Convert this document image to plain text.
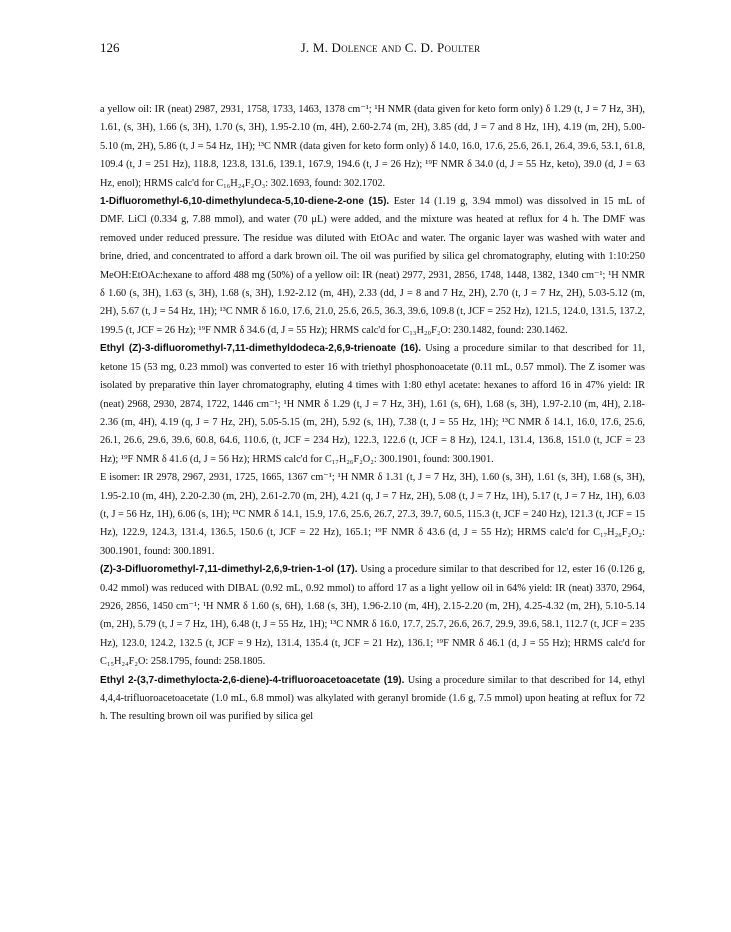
126	J. M. Dolence and C. D. Poulter

a yellow oil: IR (neat) 2987, 2931, 1758, 1733, 1463, 1378 cm⁻¹; ¹H NMR (data given for keto form only) δ 1.29 (t, J = 7 Hz, 3H), 1.61, (s, 3H), 1.66 (s, 3H), 1.70 (s, 3H), 1.95-2.10 (m, 4H), 2.60-2.74 (m, 2H), 3.85 (dd, J = 7 and 8 Hz, 1H), 4.19 (m, 2H), 5.00-5.10 (m, 2H), 5.86 (t, J = 54 Hz, 1H); ¹³C NMR (data given for keto form only) δ 14.0, 16.0, 17.6, 25.6, 26.1, 26.4, 39.6, 53.1, 61.8, 109.4 (t, J = 251 Hz), 118.8, 123.8, 131.6, 139.1, 167.9, 194.6 (t, J = 26 Hz); ¹⁹F NMR δ 34.0 (d, J = 55 Hz, keto), 39.0 (d, J = 63 Hz, enol); HRMS calc'd for C₁₆H₂₄F₂O₃: 302.1693, found: 302.1702.

1-Difluoromethyl-6,10-dimethylundeca-5,10-diene-2-one (15). Ester 14 (1.19 g, 3.94 mmol) was dissolved in 15 mL of DMF. LiCl (0.334 g, 7.88 mmol), and water (70 μL) were added, and the mixture was heated at reflux for 4 h. The DMF was removed under reduced pressure. The residue was diluted with EtOAc and water. The organic layer was washed with water and brine, dried, and concentrated to afford a dark brown oil. The oil was purified by silica gel chromatography, eluting with 1:10:250 MeOH:EtOAc:hexane to afford 488 mg (50%) of a yellow oil: IR (neat) 2977, 2931, 2856, 1748, 1448, 1382, 1340 cm⁻¹; ¹H NMR δ 1.60 (s, 3H), 1.63 (s, 3H), 1.68 (s, 3H), 1.92-2.12 (m, 4H), 2.33 (dd, J = 8 and 7 Hz, 2H), 2.70 (t, J = 7 Hz, 2H), 5.03-5.12 (m, 2H), 5.67 (t, J = 54 Hz, 1H); ¹³C NMR δ 16.0, 17.6, 21.0, 25.6, 26.5, 36.3, 39.6, 109.8 (t, JCF = 252 Hz), 121.5, 124.0, 131.5, 137.2, 199.5 (t, JCF = 26 Hz); ¹⁹F NMR δ 34.6 (d, J = 55 Hz); HRMS calc'd for C₁₃H₂₀F₂O: 230.1482, found: 230.1462.

Ethyl (Z)-3-difluoromethyl-7,11-dimethyldodeca-2,6,9-trienoate (16). Using a procedure similar to that described for 11, ketone 15 (53 mg, 0.23 mmol) was converted to ester 16 with triethyl phosphonoacetate (0.11 mL, 0.57 mmol). The Z isomer was isolated by preparative thin layer chromatography, eluting 4 times with 1:80 ethyl acetate: hexanes to afford 16 in 47% yield: IR (neat) 2968, 2930, 2874, 1722, 1446 cm⁻¹; ¹H NMR δ 1.29 (t, J = 7 Hz, 3H), 1.61 (s, 6H), 1.68 (s, 3H), 1.97-2.10 (m, 4H), 2.18-2.36 (m, 4H), 4.19 (q, J = 7 Hz, 2H), 5.05-5.15 (m, 2H), 5.92 (s, 1H), 7.38 (t, J = 55 Hz, 1H); ¹³C NMR δ 14.1, 16.0, 17.6, 25.6, 26.1, 26.6, 29.6, 39.6, 60.8, 64.6, 110.6, (t, JCF = 234 Hz), 122.3, 122.6 (t, JCF = 8 Hz), 124.1, 131.4, 136.8, 151.0 (t, JCF = 23 Hz); ¹⁹F NMR δ 41.6 (d, J = 56 Hz); HRMS calc'd for C₁₇H₂₆F₂O₂: 300.1901, found: 300.1901.

E isomer: IR 2978, 2967, 2931, 1725, 1665, 1367 cm⁻¹; ¹H NMR δ 1.31 (t, J = 7 Hz, 3H), 1.60 (s, 3H), 1.61 (s, 3H), 1.68 (s, 3H), 1.95-2.10 (m, 4H), 2.20-2.30 (m, 2H), 2.61-2.70 (m, 2H), 4.21 (q, J = 7 Hz, 2H), 5.08 (t, J = 7 Hz, 1H), 5.17 (t, J = 7 Hz, 1H), 6.03 (t, J = 56 Hz, 1H), 6.06 (s, 1H); ¹³C NMR δ 14.1, 15.9, 17.6, 25.6, 26.7, 27.3, 39.7, 60.5, 115.3 (t, JCF = 240 Hz), 121.3 (t, JCF = 15 Hz), 122.9, 124.3, 131.4, 136.5, 150.6 (t, JCF = 22 Hz), 165.1; ¹⁹F NMR δ 43.6 (d, J = 55 Hz); HRMS calc'd for C₁₇H₂₆F₂O₂: 300.1901, found: 300.1891.

(Z)-3-Difluoromethyl-7,11-dimethyl-2,6,9-trien-1-ol (17). Using a procedure similar to that described for 12, ester 16 (0.126 g, 0.42 mmol) was reduced with DIBAL (0.92 mL, 0.92 mmol) to afford 17 as a light yellow oil in 64% yield: IR (neat) 3370, 2964, 2926, 2856, 1450 cm⁻¹; ¹H NMR δ 1.60 (s, 6H), 1.68 (s, 3H), 1.96-2.10 (m, 4H), 2.15-2.20 (m, 2H), 4.25-4.32 (m, 2H), 5.10-5.14 (m, 2H), 5.79 (t, J = 7 Hz, 1H), 6.48 (t, J = 55 Hz, 1H); ¹³C NMR δ 16.0, 17.7, 25.7, 26.6, 26.7, 29.9, 39.6, 58.1, 112.7 (t, JCF = 235 Hz), 123.0, 124.2, 132.5 (t, JCF = 9 Hz), 131.4, 135.4 (t, JCF = 21 Hz), 136.1; ¹⁹F NMR δ 46.1 (d, J = 55 Hz); HRMS calc'd for C₁₅H₂₄F₂O: 258.1795, found: 258.1805.

Ethyl 2-(3,7-dimethylocta-2,6-diene)-4-trifluoroacetoacetate (19). Using a procedure similar to that described for 14, ethyl 4,4,4-trifluoroacetoacetate (1.0 mL, 6.8 mmol) was alkylated with geranyl bromide (1.6 g, 7.5 mmol) upon heating at reflux for 72 h. The resulting brown oil was purified by silica gel
